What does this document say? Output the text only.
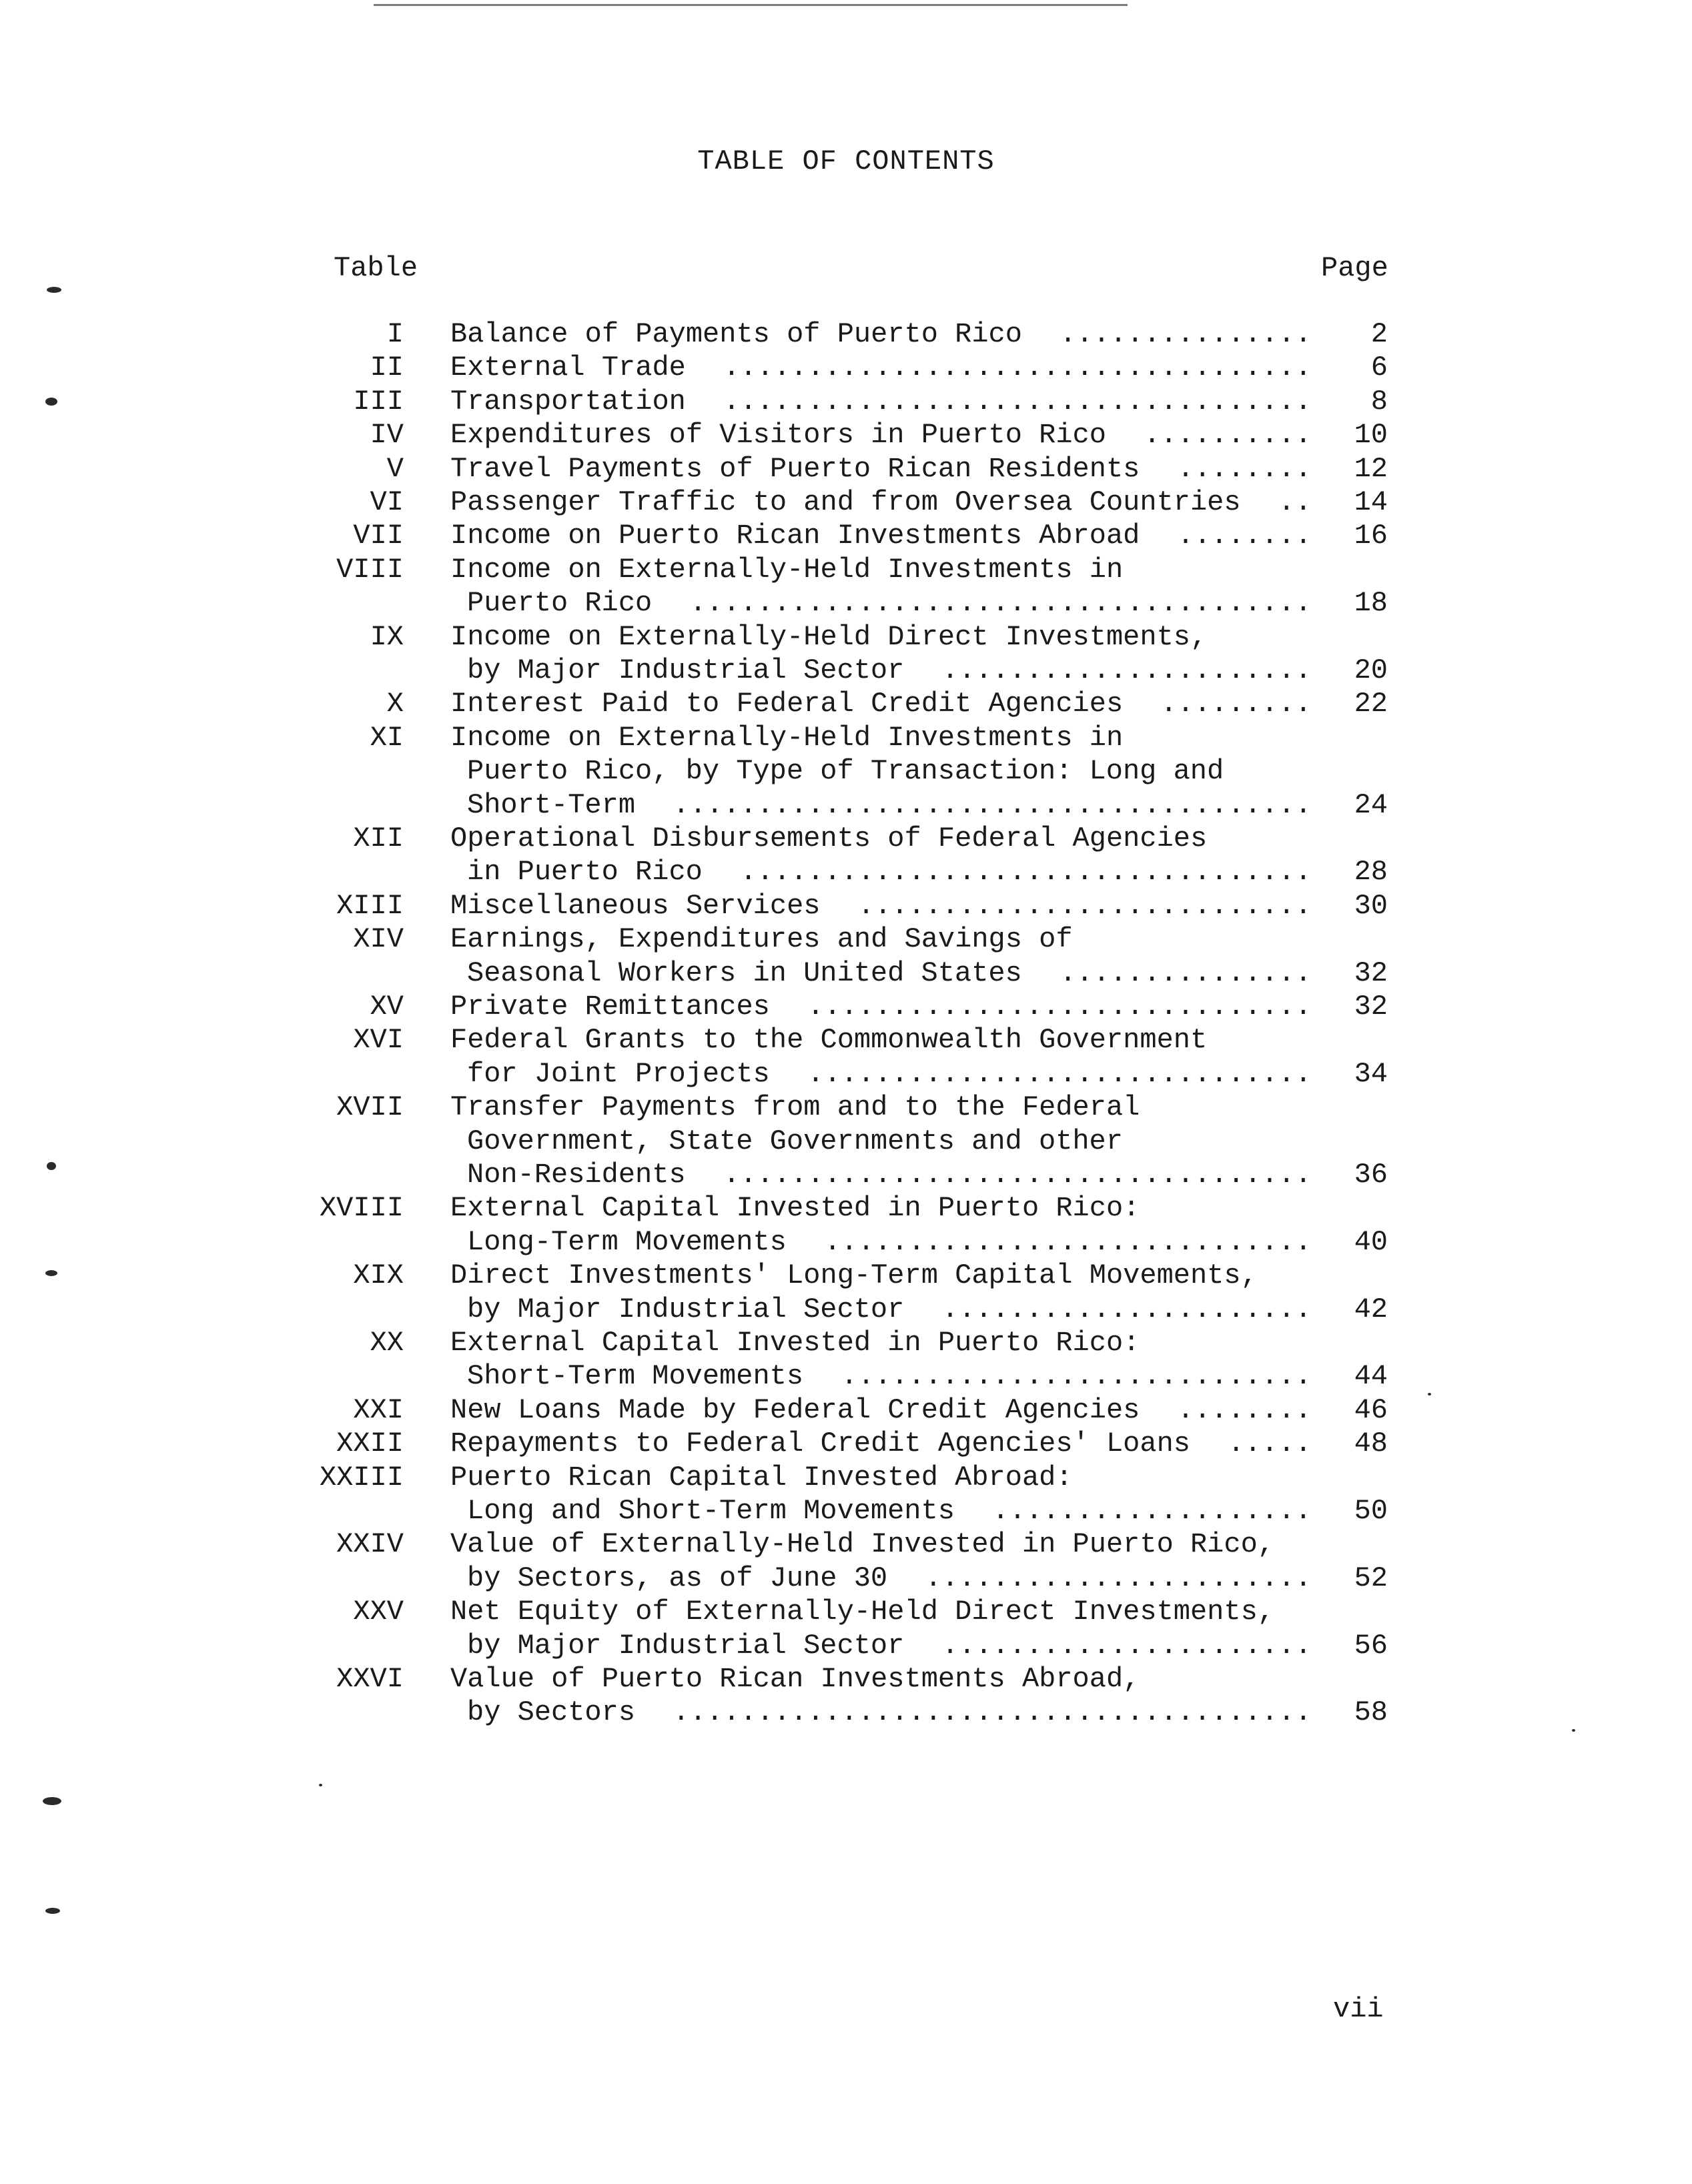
TABLE OF CONTENTS
Table	Page
I Balance of Payments of Puerto Rico ...............	2
II External Trade ...................................	6
III Transportation ...................................	8
IV Expenditures of Visitors in Puerto Rico ..........	10
V Travel Payments of Puerto Rican Residents ........	12
VI Passenger Traffic to and from Oversea Countries ..	14
VII Income on Puerto Rican Investments Abroad ........	16
VIII Income on Externally-Held Investments in
Puerto Rico .....................................	18
IX Income on Externally-Held Direct Investments,
by Major Industrial Sector ......................	20
X Interest Paid to Federal Credit Agencies .........	22
XI Income on Externally-Held Investments in
Puerto Rico, by Type of Transaction: Long and
Short-Term ......................................	24
XII Operational Disbursements of Federal Agencies
in Puerto Rico ..................................	28
XIII Miscellaneous Services ...........................	30
XIV Earnings, Expenditures and Savings of
Seasonal Workers in United States ...............	32
XV Private Remittances ..............................	32
XVI Federal Grants to the Commonwealth Government
for Joint Projects ..............................	34
XVII Transfer Payments from and to the Federal
Government, State Governments and other
Non-Residents ...................................	36
XVIII External Capital Invested in Puerto Rico:
Long-Term Movements .............................	40
XIX Direct Investments' Long-Term Capital Movements,
by Major Industrial Sector ......................	42
XX External Capital Invested in Puerto Rico:
Short-Term Movements ............................	44
XXI New Loans Made by Federal Credit Agencies ........	46
XXII Repayments to Federal Credit Agencies' Loans .....	48
XXIII Puerto Rican Capital Invested Abroad:
Long and Short-Term Movements ...................	50
XXIV Value of Externally-Held Invested in Puerto Rico,
by Sectors, as of June 30 .......................	52
XXV Net Equity of Externally-Held Direct Investments,
by Major Industrial Sector ......................	56
XXVI Value of Puerto Rican Investments Abroad,
by Sectors ......................................	58
vii
